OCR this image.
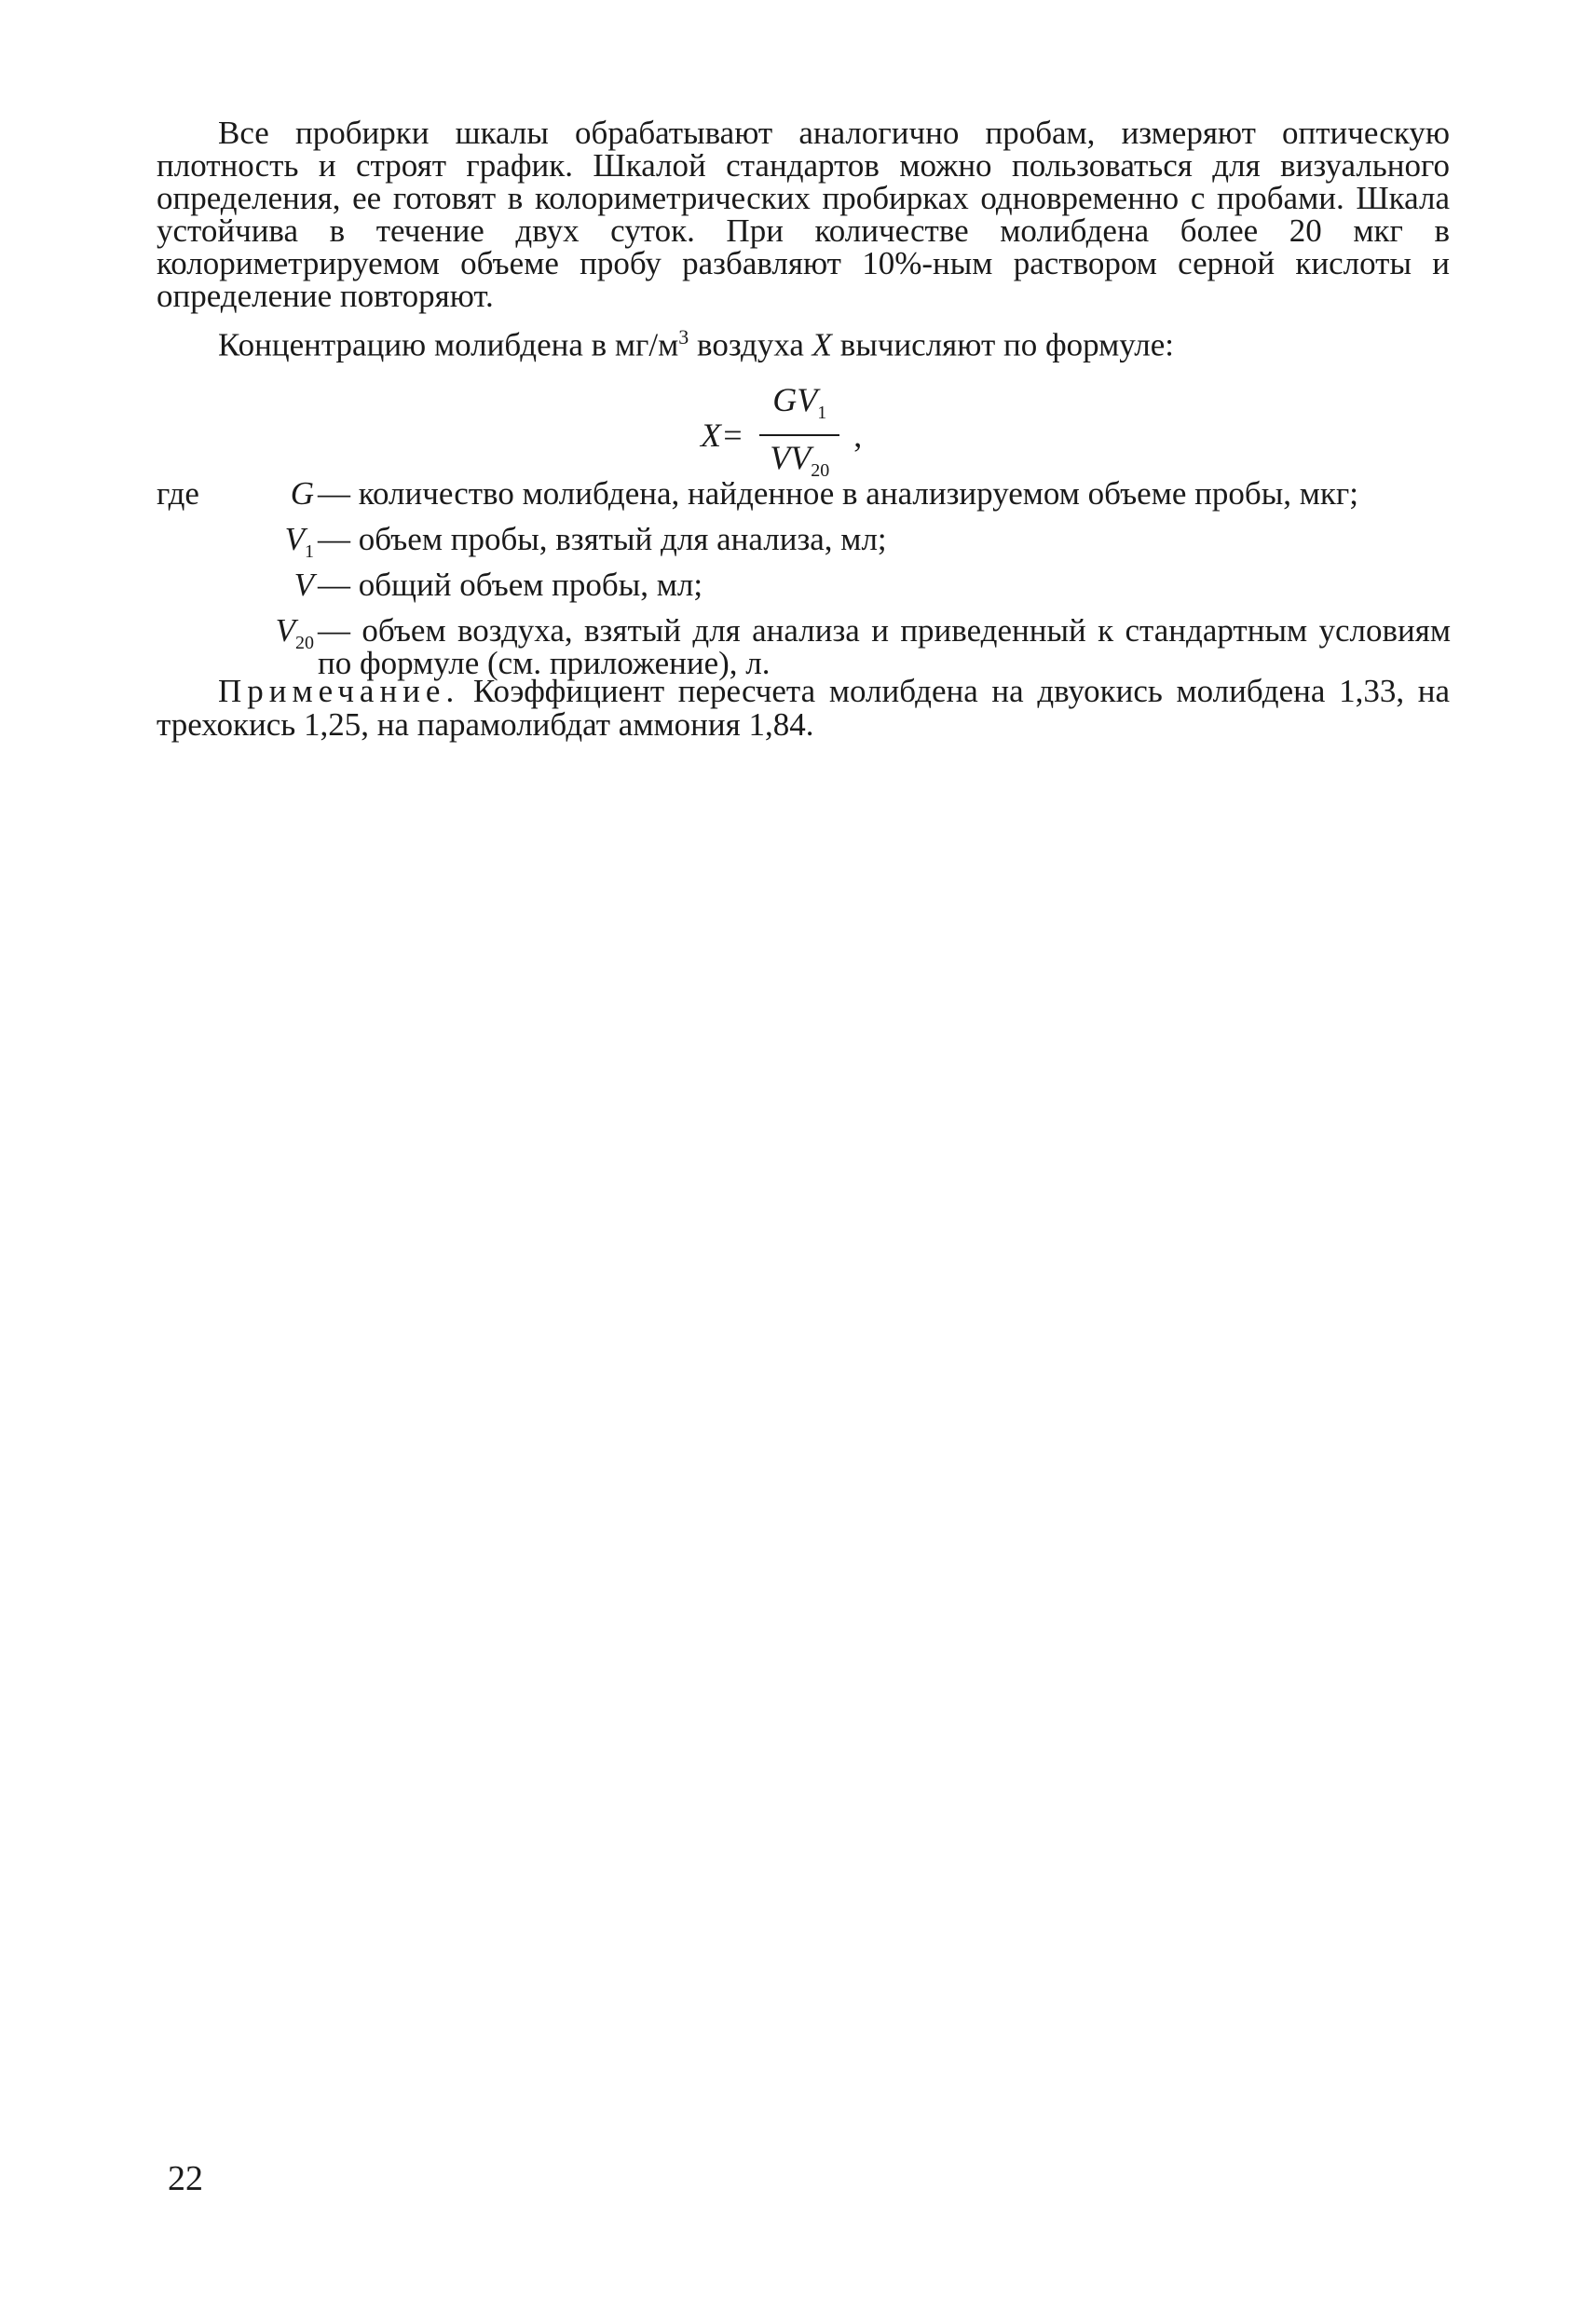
Все пробирки шкалы обрабатывают аналогично пробам, измеряют оптическую плотность и строят график. Шкалой стандартов можно пользоваться для визуального определения, ее готовят в колориметрических пробирках одновременно с пробами. Шкала устойчива в течение двух суток. При количестве молибдена более 20 мкг в колориметрируемом объеме пробу разбавляют 10%-ным раствором серной кислоты и определение повторяют.

Концентрацию молибдена в $мг/м^3$ воздуха X вычисляют по формуле:

$X= \frac{GV_1}{VV_{20}}$ ,
где	G — количество молибдена, найденное в анализируемом объеме пробы, мкг;
$V_1$ — объем пробы, взятый для анализа, мл;
V — общий объем пробы, мл;
$V_{20}$ — объем воздуха, взятый для анализа и приведенный к стандартным условиям по формуле (см. приложение), л.

Примечание. Коэффициент пересчета молибдена на двуокись молибдена 1,33, на трехокись 1,25, на парамолибдат аммония 1,84.

22
